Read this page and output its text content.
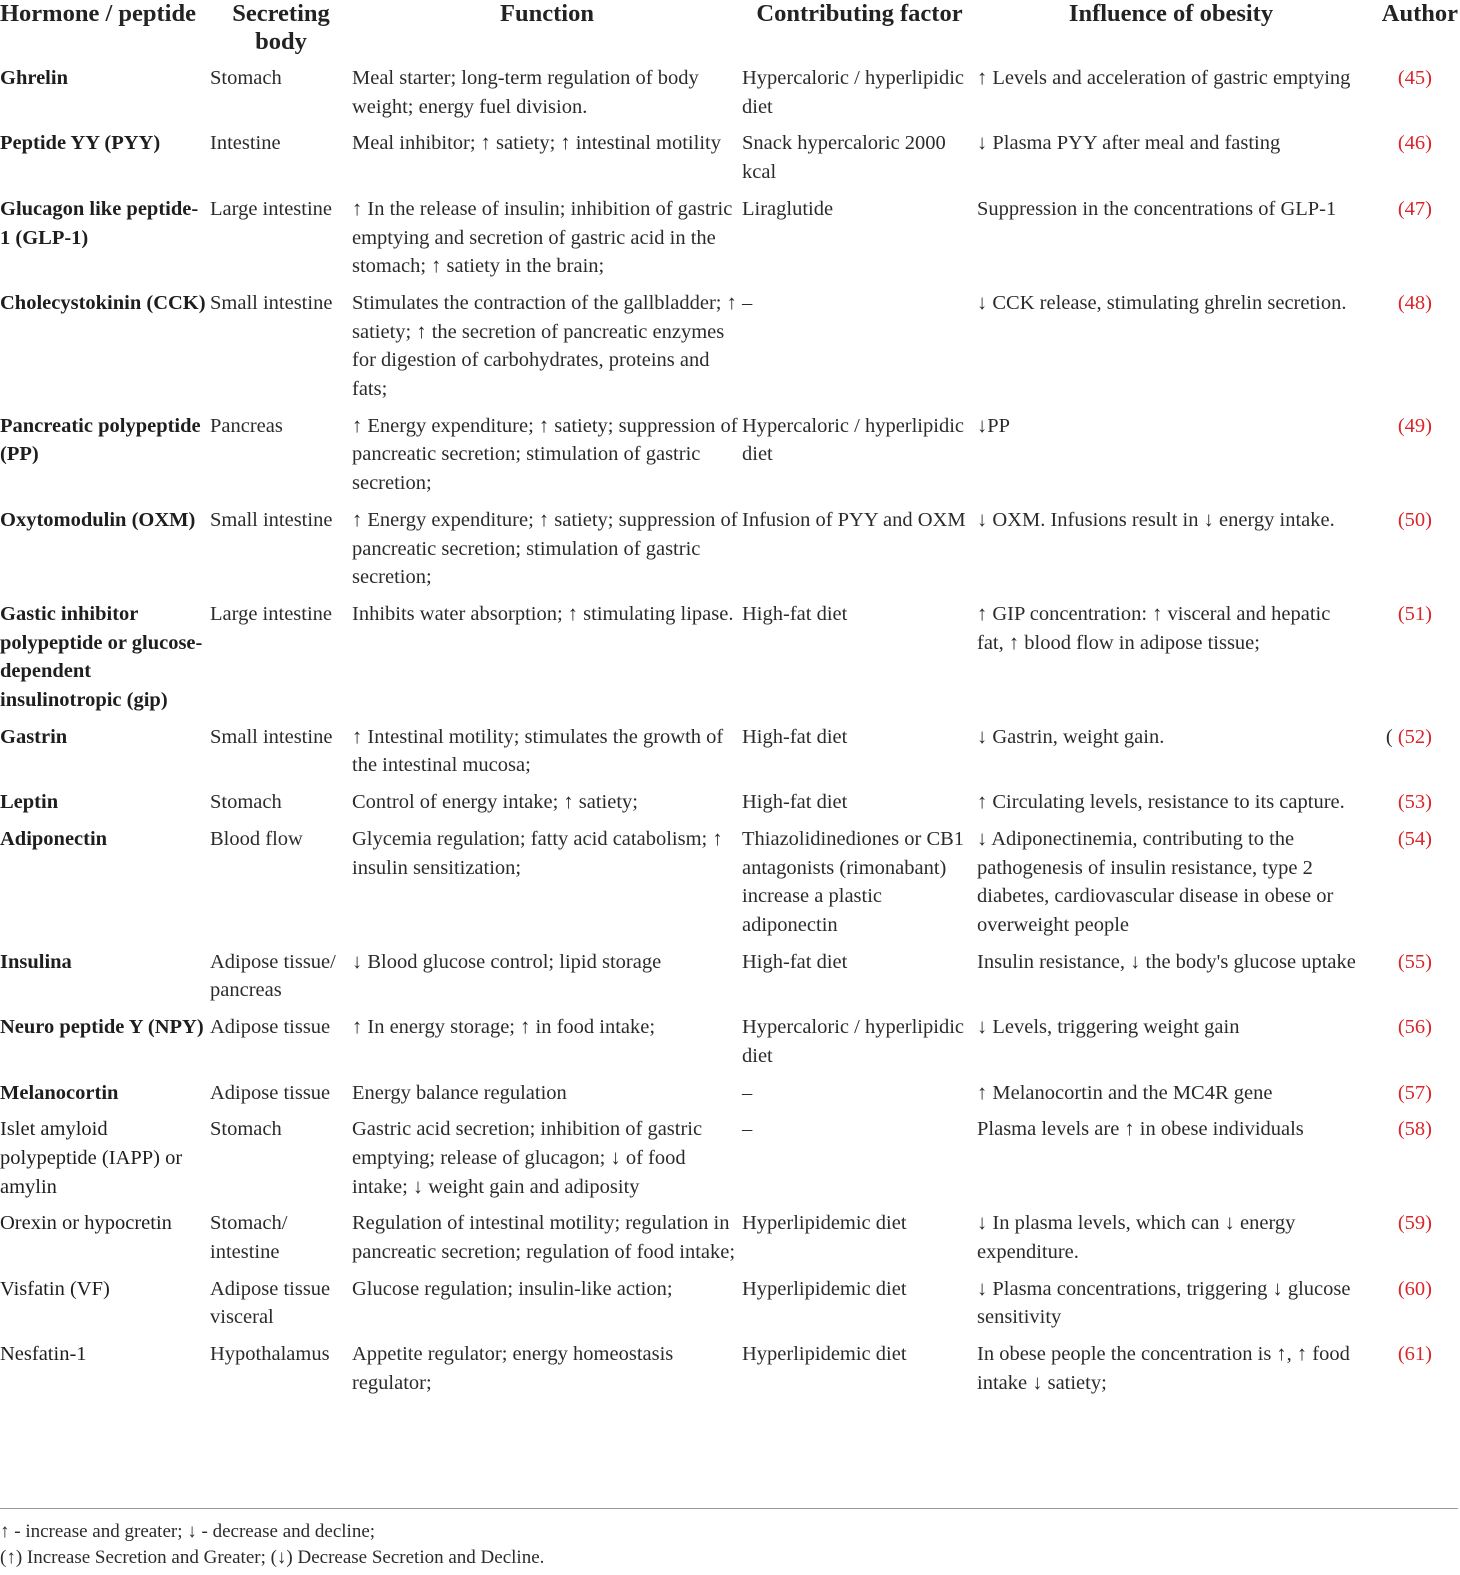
Hormone / peptide	Secreting body	Function	Contributing factor	Influence of obesity	Author
Ghrelin	Stomach	Meal starter; long-term regulation of body weight; energy fuel division.	Hypercaloric / hyperlipidic diet	↑ Levels and acceleration of gastric emptying	(45)
Peptide YY (PYY)	Intestine	Meal inhibitor; ↑ satiety; ↑ intestinal motility	Snack hypercaloric 2000 kcal	↓ Plasma PYY after meal and fasting	(46)
Glucagon like peptide-1 (GLP-1)	Large intestine	↑ In the release of insulin; inhibition of gastric emptying and secretion of gastric acid in the stomach; ↑ satiety in the brain;	Liraglutide	Suppression in the concentrations of GLP-1	(47)
Cholecystokinin (CCK)	Small intestine	Stimulates the contraction of the gallbladder; ↑ satiety; ↑ the secretion of pancreatic enzymes for digestion of carbohydrates, proteins and fats;	–	↓ CCK release, stimulating ghrelin secretion.	(48)
Pancreatic polypeptide (PP)	Pancreas	↑ Energy expenditure; ↑ satiety; suppression of pancreatic secretion; stimulation of gastric secretion;	Hypercaloric / hyperlipidic diet	↓PP	(49)
Oxytomodulin (OXM)	Small intestine	↑ Energy expenditure; ↑ satiety; suppression of pancreatic secretion; stimulation of gastric secretion;	Infusion of PYY and OXM	↓ OXM. Infusions result in ↓ energy intake.	(50)
Gastic inhibitor polypeptide or glucose-dependent insulinotropic (gip)	Large intestine	Inhibits water absorption; ↑ stimulating lipase.	High-fat diet	↑ GIP concentration: ↑ visceral and hepatic fat, ↑ blood flow in adipose tissue;	(51)
Gastrin	Small intestine	↑ Intestinal motility; stimulates the growth of the intestinal mucosa;	High-fat diet	↓ Gastrin, weight gain.	( (52)
Leptin	Stomach	Control of energy intake; ↑ satiety;	High-fat diet	↑ Circulating levels, resistance to its capture.	(53)
Adiponectin	Blood flow	Glycemia regulation; fatty acid catabolism; ↑ insulin sensitization;	Thiazolidinediones or CB1 antagonists (rimonabant) increase a plastic adiponectin	↓ Adiponectinemia, contributing to the pathogenesis of insulin resistance, type 2 diabetes, cardiovascular disease in obese or overweight people	(54)
Insulina	Adipose tissue/ pancreas	↓ Blood glucose control; lipid storage	High-fat diet	Insulin resistance, ↓ the body's glucose uptake	(55)
Neuro peptide Y (NPY)	Adipose tissue	↑ In energy storage; ↑ in food intake;	Hypercaloric / hyperlipidic diet	↓ Levels, triggering weight gain	(56)
Melanocortin	Adipose tissue	Energy balance regulation	–	↑ Melanocortin and the MC4R gene	(57)
Islet amyloid polypeptide (IAPP) or amylin	Stomach	Gastric acid secretion; inhibition of gastric emptying; release of glucagon; ↓ of food intake; ↓ weight gain and adiposity	–	Plasma levels are ↑ in obese individuals	(58)
Orexin or hypocretin	Stomach/ intestine	Regulation of intestinal motility; regulation in pancreatic secretion; regulation of food intake;	Hyperlipidemic diet	↓ In plasma levels, which can ↓ energy expenditure.	(59)
Visfatin (VF)	Adipose tissue visceral	Glucose regulation; insulin-like action;	Hyperlipidemic diet	↓ Plasma concentrations, triggering ↓ glucose sensitivity	(60)
Nesfatin-1	Hypothalamus	Appetite regulator; energy homeostasis regulator;	Hyperlipidemic diet	In obese people the concentration is ↑, ↑ food intake ↓ satiety;	(61)

↑ - increase and greater; ↓ - decrease and decline;

(↑) Increase Secretion and Greater; (↓) Decrease Secretion and Decline.
